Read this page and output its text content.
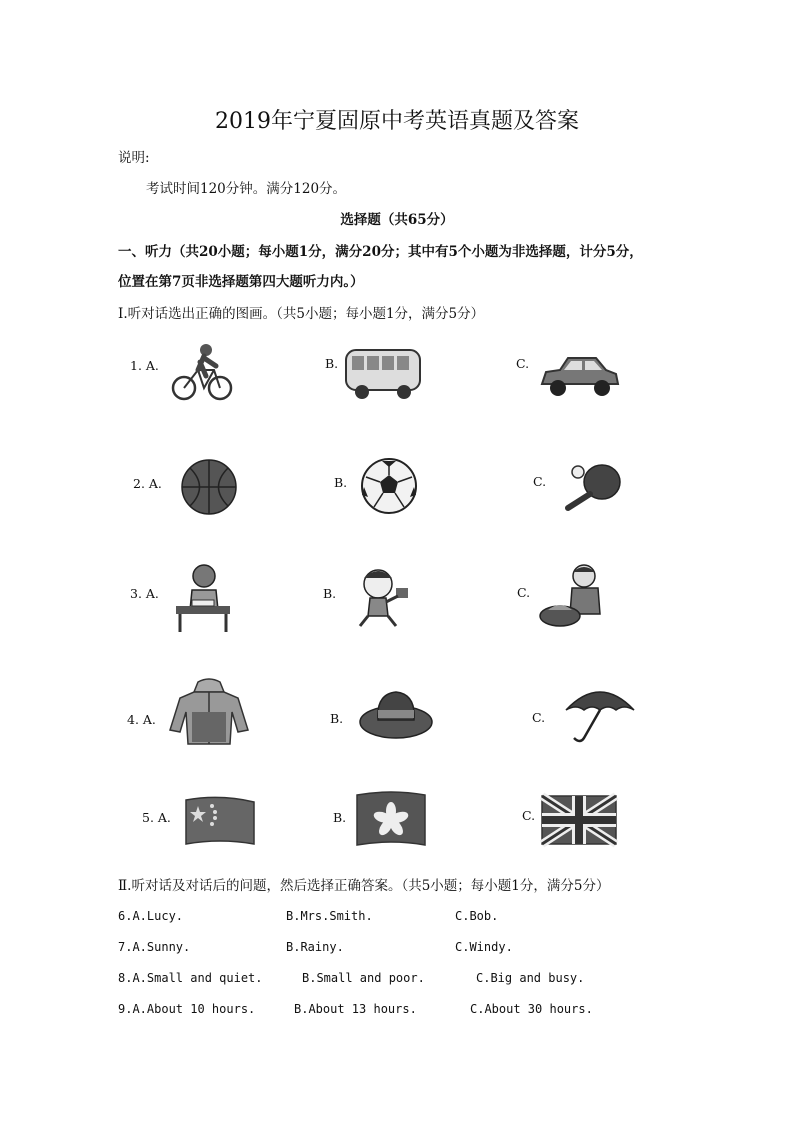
2019年宁夏固原中考英语真题及答案
说明:
考试时间120分钟。满分120分。
选择题（共65分）
一、听力（共20小题；每小题1分，满分20分；其中有5个小题为非选择题，计分5分，
位置在第7页非选择题第四大题听力内。）
Ⅰ.听对话选出正确的图画。（共5小题；每小题1分，满分5分）
1. A.	B.	C.
2. A.	B.	C.
3. A.	B.	C.
4. A.	B.	C.
5. A.	B.	C.
Ⅱ.听对话及对话后的问题，然后选择正确答案。（共5小题；每小题1分，满分5分）
6.A.Lucy.	B.Mrs.Smith.	C.Bob.
7.A.Sunny.	B.Rainy.	C.Windy.
8.A.Small and quiet.	B.Small and poor.	C.Big and busy.
9.A.About 10 hours.	B.About 13 hours.	C.About 30 hours.
